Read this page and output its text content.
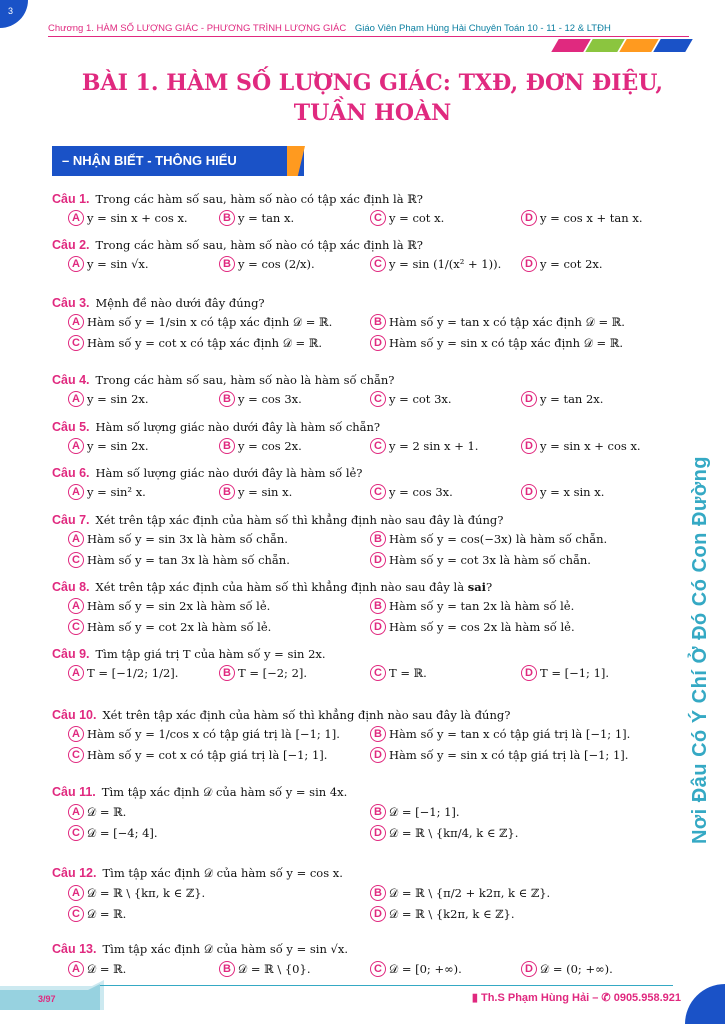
3
Chương 1. HÀM SỐ LƯỢNG GIÁC - PHƯƠNG TRÌNH LƯỢNG GIÁC Giáo Viên Phạm Hùng Hải Chuyên Toán 10 - 11 - 12 & LTĐH
BÀI 1. HÀM SỐ LƯỢNG GIÁC: TXĐ, ĐƠN ĐIỆU, TUẦN HOÀN
– NHẬN BIẾT - THÔNG HIỂU
Nơi Đâu Có Ý Chí Ở Đó Có Con Đường
Câu 1. Trong các hàm số sau, hàm số nào có tập xác định là ℝ?
A y = sin x + cos x.	B y = tan x.	C y = cot x.	D y = cos x + tan x.
Câu 2. Trong các hàm số sau, hàm số nào có tập xác định là ℝ?
A y = sin √x.	B y = cos (2/x).	C y = sin (1/(x² + 1)).	D y = cot 2x.
Câu 3. Mệnh đề nào dưới đây đúng?
A Hàm số y = 1/sin x có tập xác định 𝒟 = ℝ.	B Hàm số y = tan x có tập xác định 𝒟 = ℝ.
C Hàm số y = cot x có tập xác định 𝒟 = ℝ.	D Hàm số y = sin x có tập xác định 𝒟 = ℝ.
Câu 4. Trong các hàm số sau, hàm số nào là hàm số chẵn?
A y = sin 2x.	B y = cos 3x.	C y = cot 3x.	D y = tan 2x.
Câu 5. Hàm số lượng giác nào dưới đây là hàm số chẵn?
A y = sin 2x.	B y = cos 2x.	C y = 2 sin x + 1.	D y = sin x + cos x.
Câu 6. Hàm số lượng giác nào dưới đây là hàm số lẻ?
A y = sin² x.	B y = sin x.	C y = cos 3x.	D y = x sin x.
Câu 7. Xét trên tập xác định của hàm số thì khẳng định nào sau đây là đúng?
A Hàm số y = sin 3x là hàm số chẵn.	B Hàm số y = cos(−3x) là hàm số chẵn.
C Hàm số y = tan 3x là hàm số chẵn.	D Hàm số y = cot 3x là hàm số chẵn.
Câu 8. Xét trên tập xác định của hàm số thì khẳng định nào sau đây là
sai ?
A Hàm số y = sin 2x là hàm số lẻ.	B Hàm số y = tan 2x là hàm số lẻ.
C Hàm số y = cot 2x là hàm số lẻ.	D Hàm số y = cos 2x là hàm số lẻ.
Câu 9. Tìm tập giá trị T của hàm số y = sin 2x.
A T = [−1/2; 1/2].	B T = [−2; 2].	C T = ℝ.	D T = [−1; 1].
Câu 10. Xét trên tập xác định của hàm số thì khẳng định nào sau đây là đúng?
A Hàm số y = 1/cos x có tập giá trị là [−1; 1].	B Hàm số y = tan x có tập giá trị là [−1; 1].
C Hàm số y = cot x có tập giá trị là [−1; 1].	D Hàm số y = sin x có tập giá trị là [−1; 1].
Câu 11. Tìm tập xác định 𝒟 của hàm số y = sin 4x.
A 𝒟 = ℝ.	B 𝒟 = [−1; 1].
C 𝒟 = [−4; 4].	D 𝒟 = ℝ \ {kπ/4, k ∈ ℤ}.
Câu 12. Tìm tập xác định 𝒟 của hàm số y = cos x.
A 𝒟 = ℝ \ {kπ, k ∈ ℤ}.	B 𝒟 = ℝ \ {π/2 + k2π, k ∈ ℤ}.
C 𝒟 = ℝ.	D 𝒟 = ℝ \ {k2π, k ∈ ℤ}.
Câu 13. Tìm tập xác định 𝒟 của hàm số y = sin √x.
A 𝒟 = ℝ.	B 𝒟 = ℝ \ {0}.	C 𝒟 = [0; +∞).	D 𝒟 = (0; +∞).
3/97	▮ Th.S Phạm Hùng Hải – ✆ 0905.958.921
